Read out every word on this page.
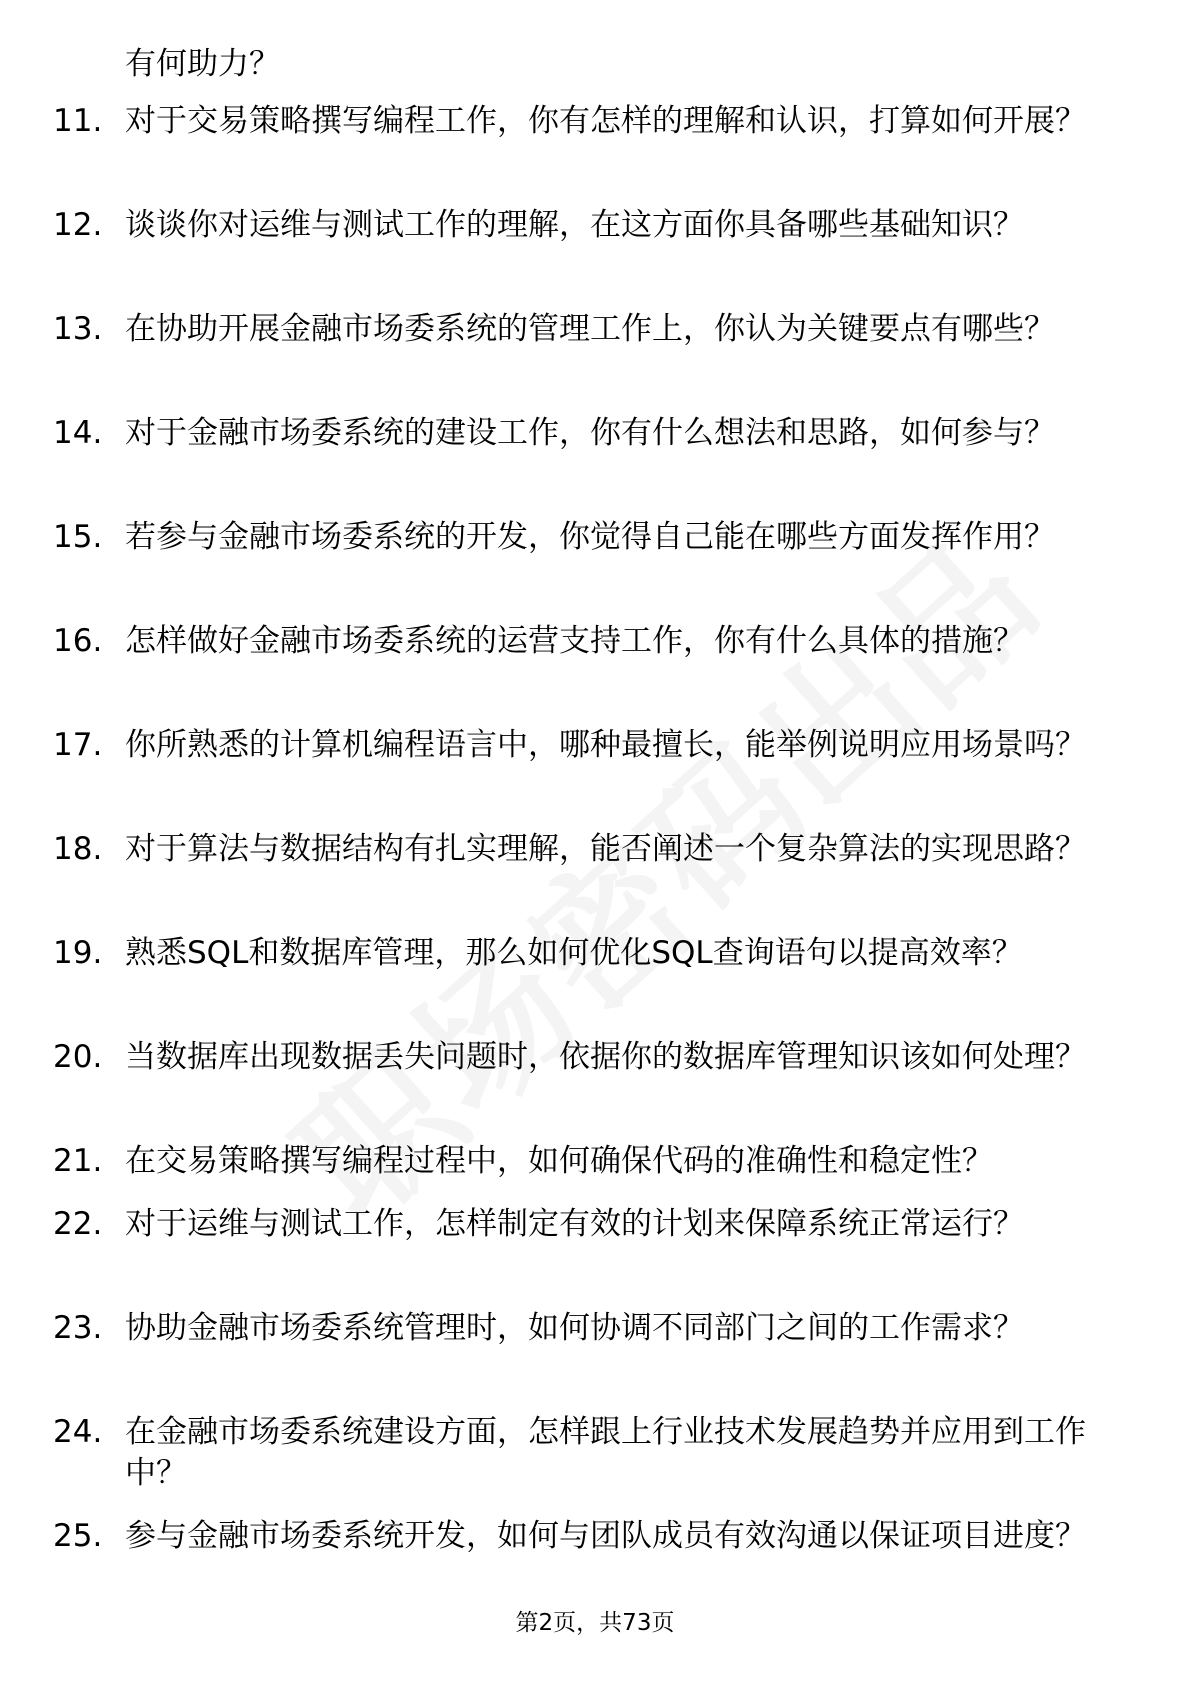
有何助力？
11. 对于交易策略撰写编程工作，你有怎样的理解和认识，打算如何开展？
12. 谈谈你对运维与测试工作的理解，在这方面你具备哪些基础知识？
13. 在协助开展金融市场委系统的管理工作上，你认为关键要点有哪些？
14. 对于金融市场委系统的建设工作，你有什么想法和思路，如何参与？
15. 若参与金融市场委系统的开发，你觉得自己能在哪些方面发挥作用？
16. 怎样做好金融市场委系统的运营支持工作，你有什么具体的措施？
17. 你所熟悉的计算机编程语言中，哪种最擅长，能举例说明应用场景吗？
18. 对于算法与数据结构有扎实理解，能否阐述一个复杂算法的实现思路？
19. 熟悉SQL和数据库管理，那么如何优化SQL查询语句以提高效率？
20. 当数据库出现数据丢失问题时，依据你的数据库管理知识该如何处理？
21. 在交易策略撰写编程过程中，如何确保代码的准确性和稳定性？
22. 对于运维与测试工作，怎样制定有效的计划来保障系统正常运行？
23. 协助金融市场委系统管理时，如何协调不同部门之间的工作需求？
24. 在金融市场委系统建设方面，怎样跟上行业技术发展趋势并应用到工作中？
25. 参与金融市场委系统开发，如何与团队成员有效沟通以保证项目进度？
第2页，共73页
